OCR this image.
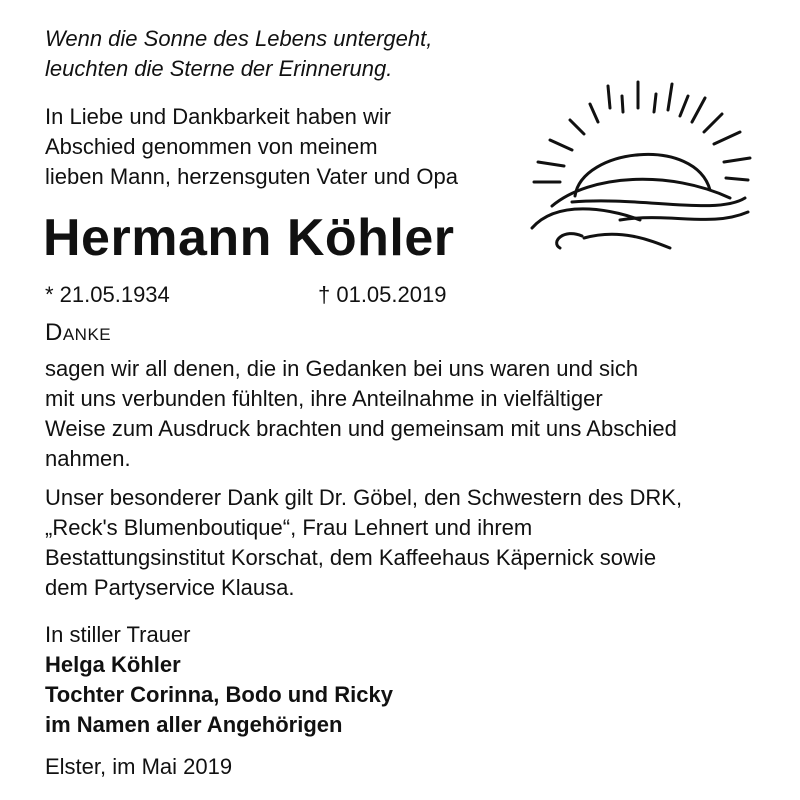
Wenn die Sonne des Lebens untergeht,
leuchten die Sterne der Erinnerung.
In Liebe und Dankbarkeit haben wir
Abschied genommen von meinem
lieben Mann, herzensguten Vater und Opa
Hermann Köhler
* 21.05.1934	† 01.05.2019
Danke
sagen wir all denen, die in Gedanken bei uns waren und sich
mit uns verbunden fühlten, ihre Anteilnahme in vielfältiger
Weise zum Ausdruck brachten und gemeinsam mit uns Abschied
nahmen.
Unser besonderer Dank gilt Dr. Göbel, den Schwestern des DRK,
„Reck's Blumenboutique“, Frau Lehnert und ihrem
Bestattungsinstitut Korschat, dem Kaffeehaus Käpernick sowie
dem Partyservice Klausa.
In stiller Trauer
Helga Köhler
Tochter Corinna, Bodo und Ricky
im Namen aller Angehörigen
Elster, im Mai 2019
